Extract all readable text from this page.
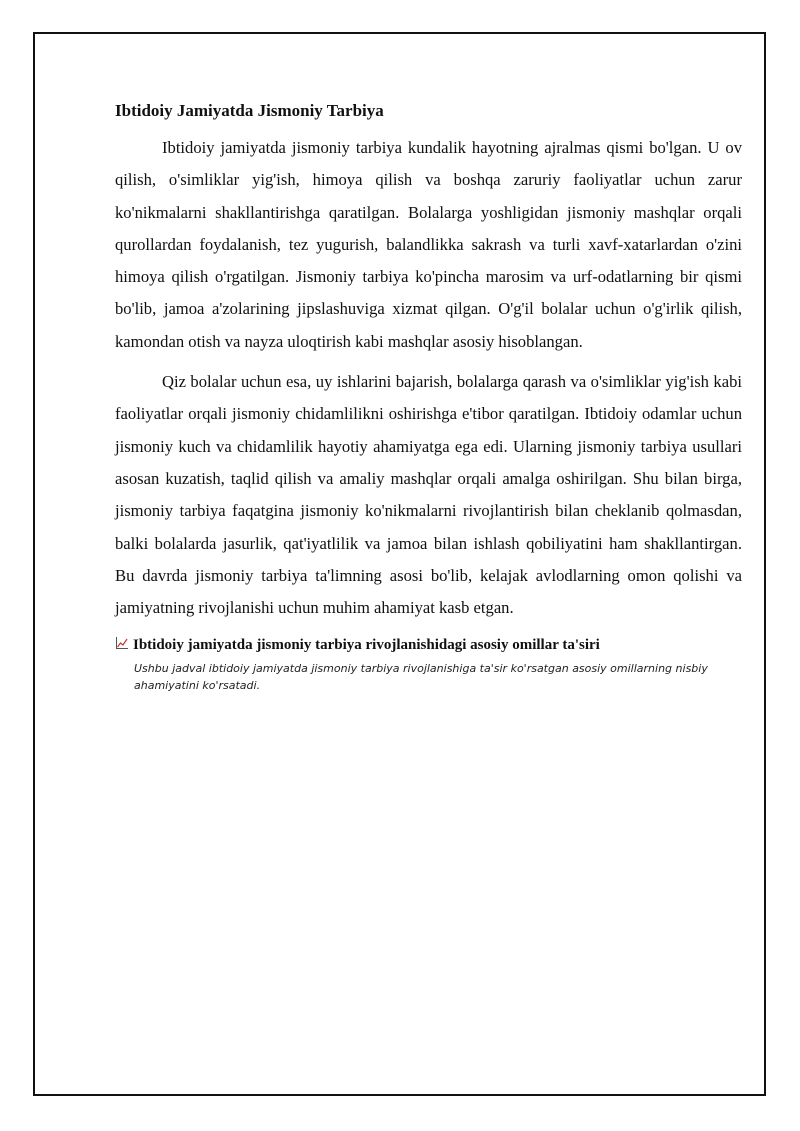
Ibtidoiy Jamiyatda Jismoniy Tarbiya

Ibtidoiy jamiyatda jismoniy tarbiya kundalik hayotning ajralmas qismi bo'lgan. U ov qilish, o'simliklar yig'ish, himoya qilish va boshqa zaruriy faoliyatlar uchun zarur ko'nikmalarni shakllantirishga qaratilgan. Bolalarga yoshligidan jismoniy mashqlar orqali qurollardan foydalanish, tez yugurish, balandlikka sakrash va turli xavf-xatarlardan o'zini himoya qilish o'rgatilgan. Jismoniy tarbiya ko'pincha marosim va urf-odatlarning bir qismi bo'lib, jamoa a'zolarining jipslashuviga xizmat qilgan. O'g'il bolalar uchun o'g'irlik qilish, kamondan otish va nayza uloqtirish kabi mashqlar asosiy hisoblangan.

Qiz bolalar uchun esa, uy ishlarini bajarish, bolalarga qarash va o'simliklar yig'ish kabi faoliyatlar orqali jismoniy chidamlilikni oshirishga e'tibor qaratilgan. Ibtidoiy odamlar uchun jismoniy kuch va chidamlilik hayotiy ahamiyatga ega edi. Ularning jismoniy tarbiya usullari asosan kuzatish, taqlid qilish va amaliy mashqlar orqali amalga oshirilgan. Shu bilan birga, jismoniy tarbiya faqatgina jismoniy ko'nikmalarni rivojlantirish bilan cheklanib qolmasdan, balki bolalarda jasurlik, qat'iyatlilik va jamoa bilan ishlash qobiliyatini ham shakllantirgan. Bu davrda jismoniy tarbiya ta'limning asosi bo'lib, kelajak avlodlarning omon qolishi va jamiyatning rivojlanishi uchun muhim ahamiyat kasb etgan.

Ibtidoiy jamiyatda jismoniy tarbiya rivojlanishidagi asosiy omillar ta'siri
Ushbu jadval ibtidoiy jamiyatda jismoniy tarbiya rivojlanishiga ta'sir ko'rsatgan asosiy omillarning nisbiy ahamiyatini ko'rsatadi.
